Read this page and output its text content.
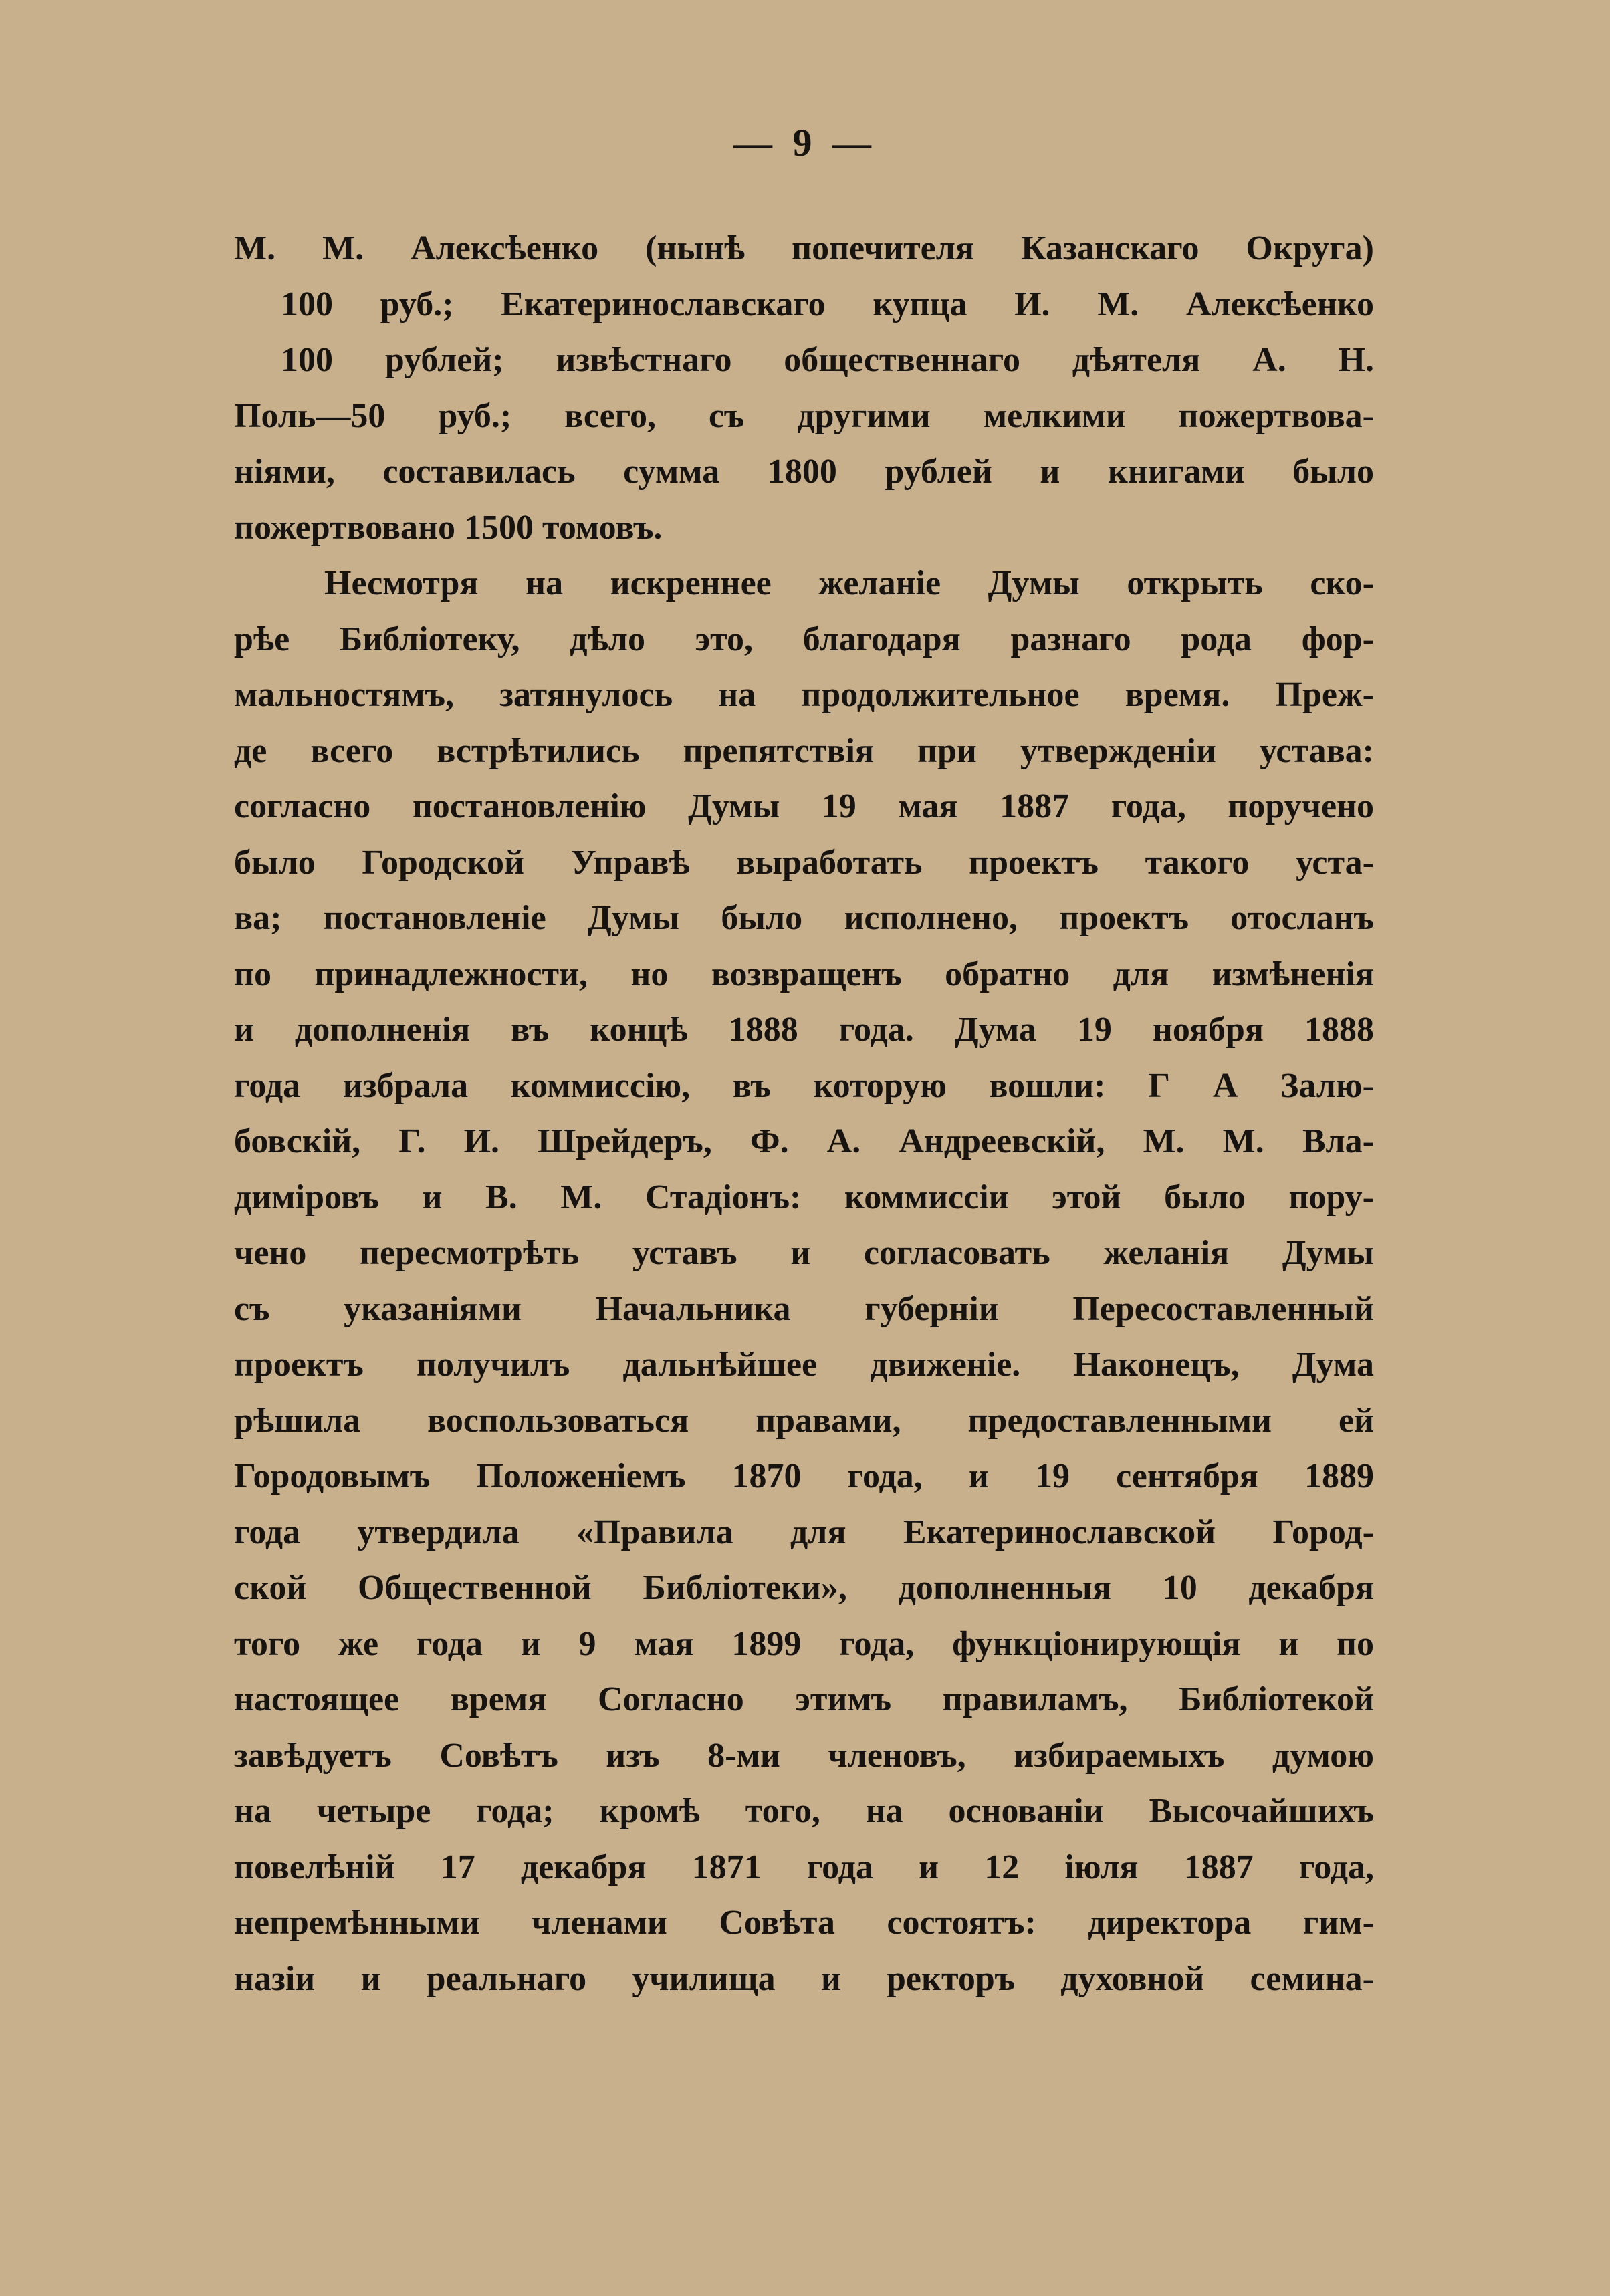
— 9 —
М. М. Алексѣенко (нынѣ попечителя Казанскаго Округа)
100 руб.; Екатеринославскаго купца И. М. Алексѣенко
100 рублей; извѣстнаго общественнаго дѣятеля А. Н.
Поль—50 руб.; всего, съ другими мелкими пожертвова-
ніями, составилась сумма 1800 рублей и книгами было
пожертвовано 1500 томовъ.
Несмотря на искреннее желаніе Думы открыть ско-
рѣе Библіотеку, дѣло это, благодаря разнаго рода фор-
мальностямъ, затянулось на продолжительное время. Преж-
де всего встрѣтились препятствія при утвержденіи устава:
согласно постановленію Думы 19 мая 1887 года, поручено
было Городской Управѣ выработать проектъ такого уста-
ва; постановленіе Думы было исполнено, проектъ отосланъ
по принадлежности, но возвращенъ обратно для измѣненія
и дополненія въ концѣ 1888 года. Дума 19 ноября 1888
года избрала коммиссію, въ которую вошли: Г А Залю-
бовскій, Г. И. Шрейдеръ, Ф. А. Андреевскій, М. М. Вла-
диміровъ и В. М. Стадіонъ: коммиссіи этой было пору-
чено пересмотрѣть уставъ и согласовать желанія Думы
съ указаніями Начальника губерніи Пересоставленный
проектъ получилъ дальнѣйшее движеніе. Наконецъ, Дума
рѣшила воспользоваться правами, предоставленными ей
Городовымъ Положеніемъ 1870 года, и 19 сентября 1889
года утвердила «Правила для Екатеринославской Город-
ской Общественной Библіотеки», дополненныя 10 декабря
того же года и 9 мая 1899 года, функціонирующія и по
настоящее время Согласно этимъ правиламъ, Библіотекой
завѣдуетъ Совѣтъ изъ 8-ми членовъ, избираемыхъ думою
на четыре года; кромѣ того, на основаніи Высочайшихъ
повелѣній 17 декабря 1871 года и 12 іюля 1887 года,
непремѣнными членами Совѣта состоятъ: директора гим-
назіи и реальнаго училища и ректоръ духовной семина-
